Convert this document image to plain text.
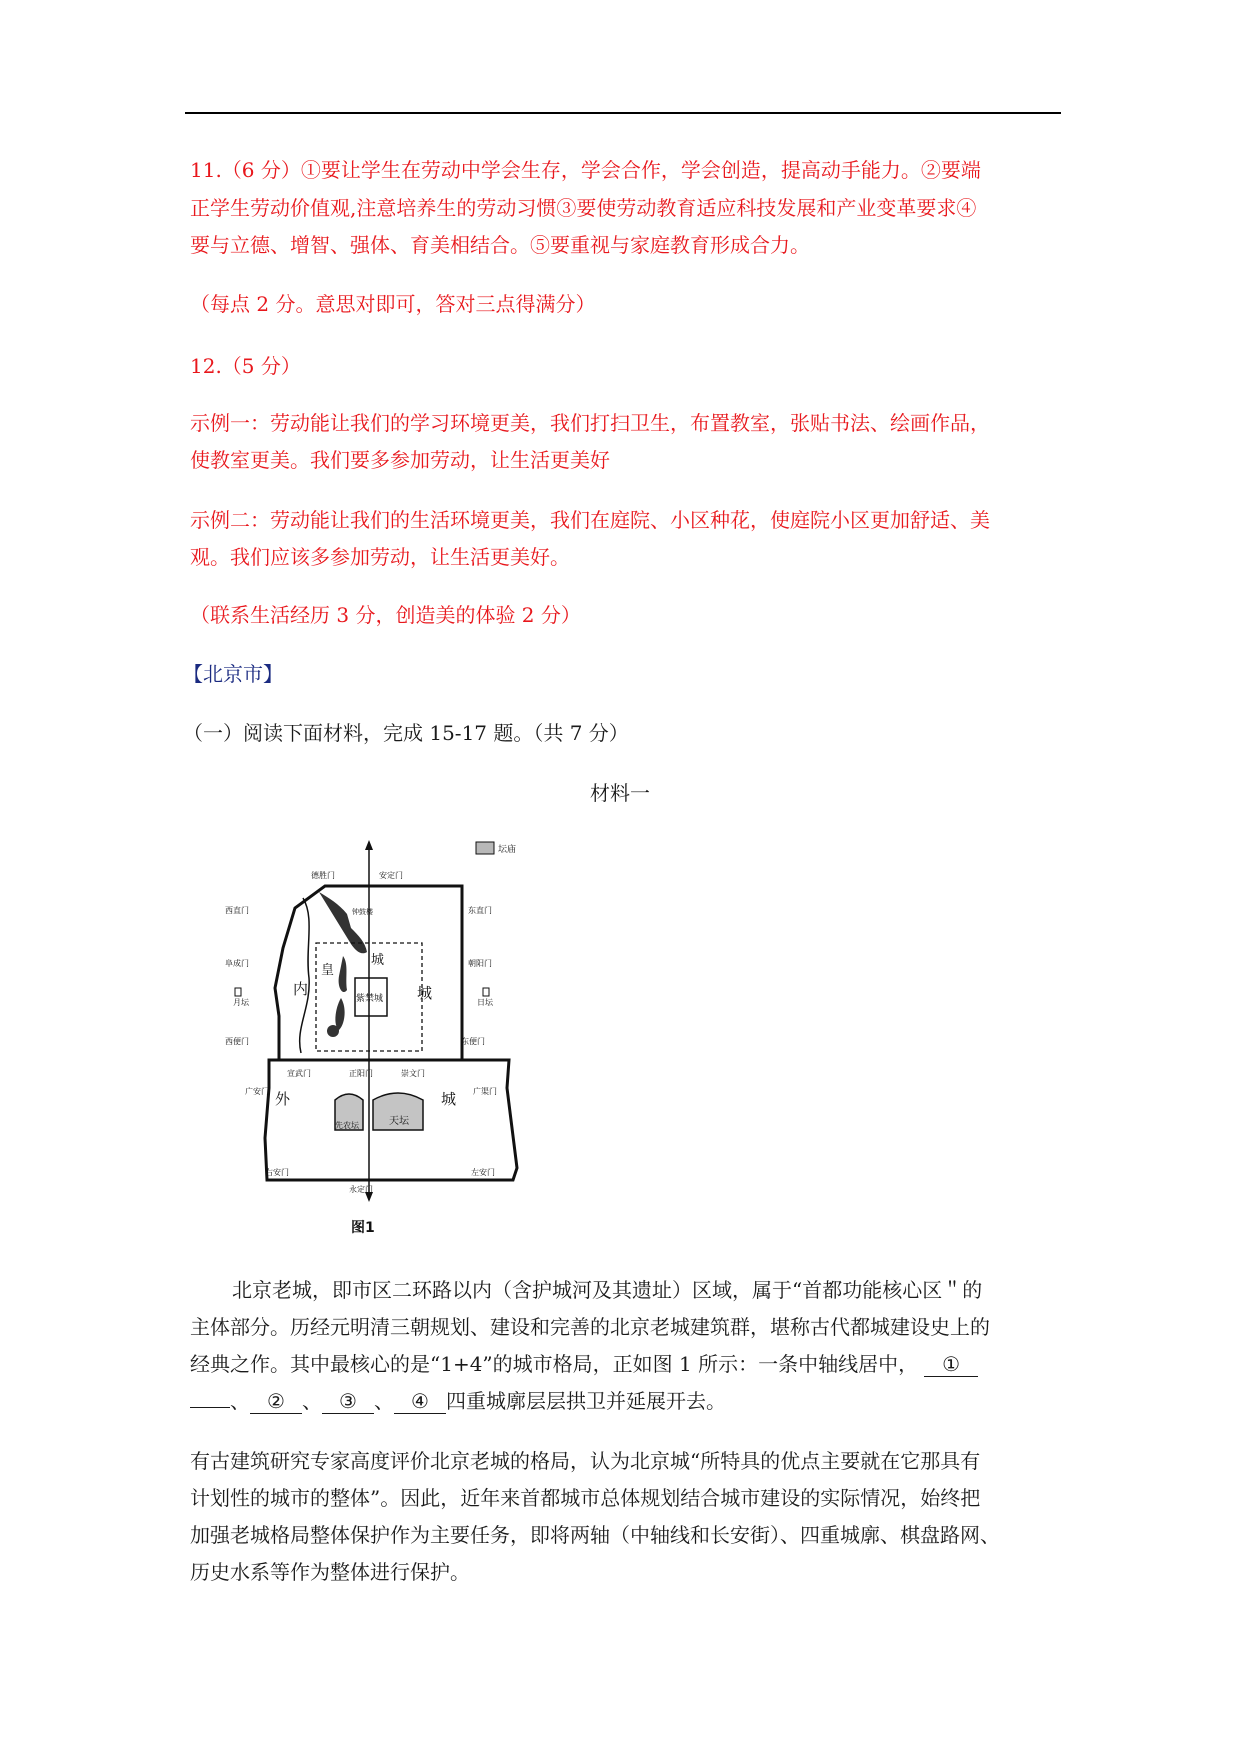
11.（6 分）①要让学生在劳动中学会生存，学会合作，学会创造，提高动手能力。②要端

正学生劳动价值观,注意培养生的劳动习惯③要使劳动教育适应科技发展和产业变革要求④

要与立德、增智、强体、育美相结合。⑤要重视与家庭教育形成合力。

（每点 2 分。意思对即可，答对三点得满分）

12.（5 分）

示例一：劳动能让我们的学习环境更美，我们打扫卫生，布置教室，张贴书法、绘画作品，

使教室更美。我们要多参加劳动，让生活更美好

示例二：劳动能让我们的生活环境更美，我们在庭院、小区种花，使庭院小区更加舒适、美

观。我们应该多参加劳动，让生活更美好。

（联系生活经历 3 分，创造美的体验 2 分）

【北京市】

（一）阅读下面材料，完成 15-17 题。（共 7 分）

材料一

坛庙
内	城
皇
城
紫禁城
外	城
先农坛	天坛
德胜门	安定门
钟鼓楼
西直门	东直门
阜成门	朝阳门
月坛	日坛
西便门	东便门
宣武门	正阳门	崇文门
广安门	广渠门
右安门	左安门
永定门
图1

北京老城，即市区二环路以内（含护城河及其遗址）区域，属于“首都功能核心区＂的

主体部分。历经元明清三朝规划、建设和完善的北京老城建筑群，堪称古代都城建设史上的

经典之作。其中最核心的是“1+4”的城市格局，正如图 1 所示：一条中轴线居中， ①

、 ② 、 ③ 、 ④ 四重城廓层层拱卫并延展开去。

有古建筑研究专家高度评价北京老城的格局，认为北京城“所特具的优点主要就在它那具有

计划性的城市的整体”。因此，近年来首都城市总体规划结合城市建设的实际情况，始终把

加强老城格局整体保护作为主要任务，即将两轴（中轴线和长安街）、四重城廓、棋盘路网、

历史水系等作为整体进行保护。
